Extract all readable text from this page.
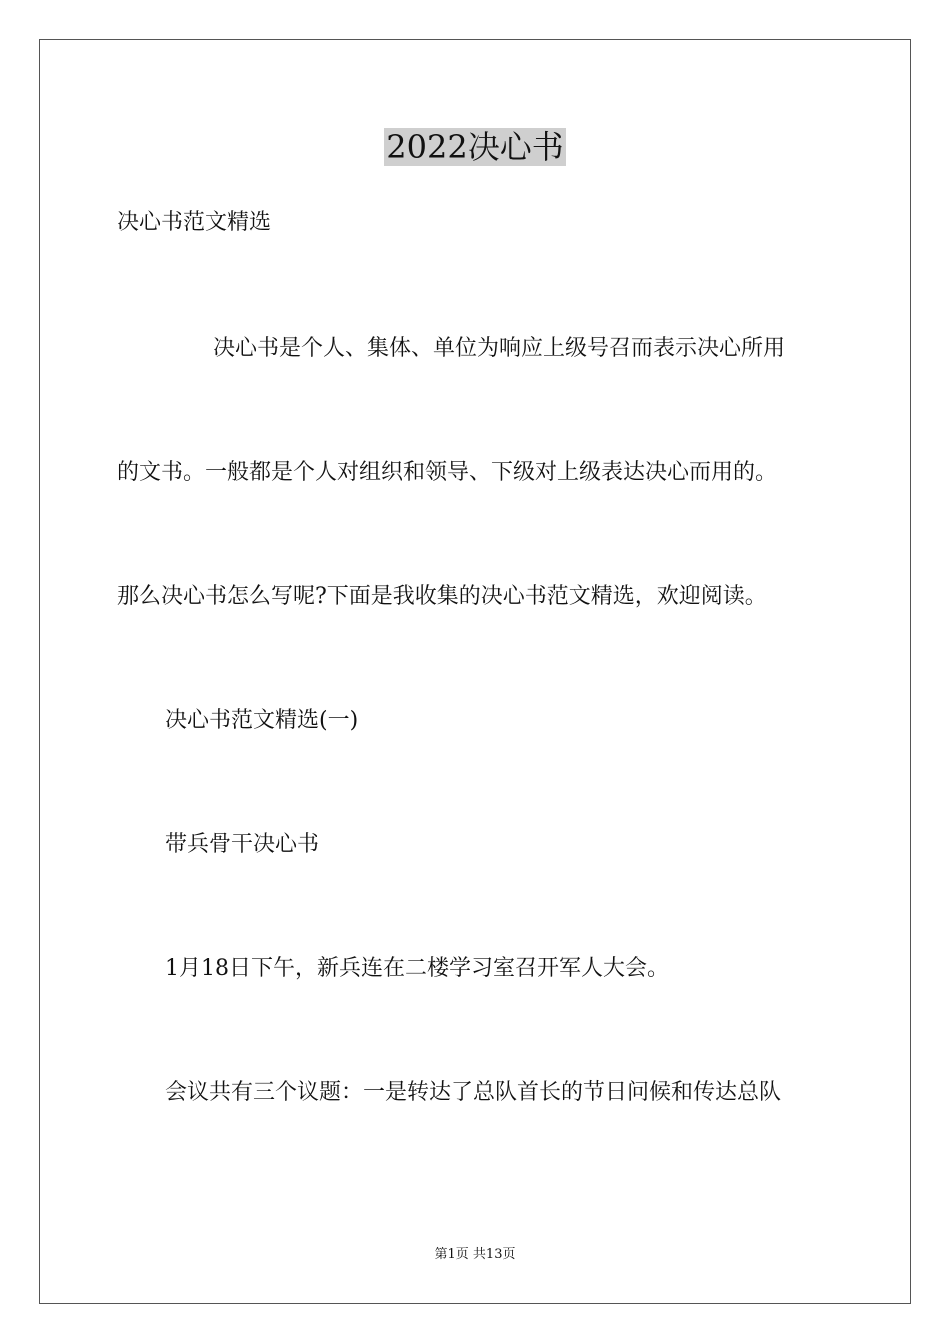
2022决心书
决心书范文精选
决心书是个人、集体、单位为响应上级号召而表示决心所用
的文书。一般都是个人对组织和领导、下级对上级表达决心而用的。
那么决心书怎么写呢?下面是我收集的决心书范文精选，欢迎阅读。
决心书范文精选(一)
带兵骨干决心书
1月18日下午，新兵连在二楼学习室召开军人大会。
会议共有三个议题：一是转达了总队首长的节日问候和传达总队
第1页 共13页
